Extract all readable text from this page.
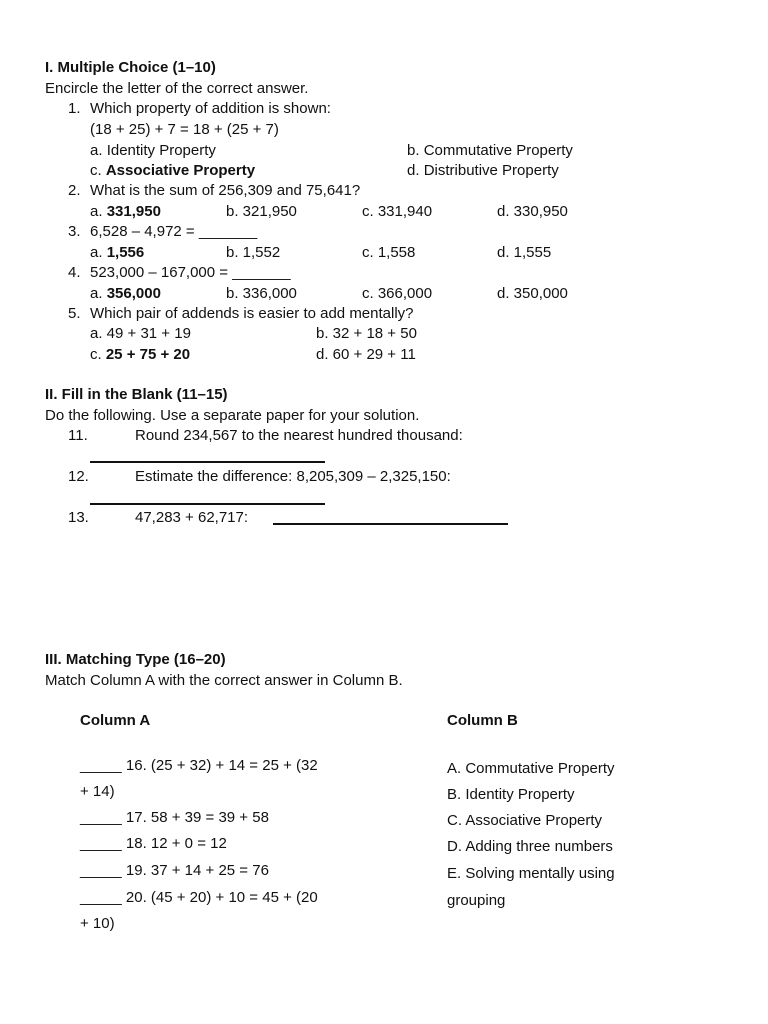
I. Multiple Choice (1–10)
Encircle the letter of the correct answer.
1. Which property of addition is shown:
(18 + 25) + 7 = 18 + (25 + 7)
a. Identity Property	b. Commutative Property
c. Associative Property	d. Distributive Property
2. What is the sum of 256,309 and 75,641?
a. 331,950	b. 321,950	c. 331,940	d. 330,950
3. 6,528 – 4,972 = _______
a. 1,556	b. 1,552	c. 1,558	d. 1,555
4. 523,000 – 167,000 = _______
a. 356,000	b. 336,000	c. 366,000	d. 350,000
5. Which pair of addends is easier to add mentally?
a. 49 + 31 + 19	b. 32 + 18 + 50
c. 25 + 75 + 20	d. 60 + 29 + 11
II. Fill in the Blank (11–15)
Do the following. Use a separate paper for your solution.
11.	Round 234,567 to the nearest hundred thousand:
12.	Estimate the difference: 8,205,309 – 2,325,150:
13.	47,283 + 62,717:
III. Matching Type (16–20)
Match Column A with the correct answer in Column B.
Column A	Column B
_____ 16. (25 + 32) + 14 = 25 + (32
+ 14)
_____ 17. 58 + 39 = 39 + 58
_____ 18. 12 + 0 = 12
_____ 19. 37 + 14 + 25 = 76
_____ 20. (45 + 20) + 10 = 45 + (20
+ 10)
A. Commutative Property
B. Identity Property
C. Associative Property
D. Adding three numbers
E. Solving mentally using
grouping
